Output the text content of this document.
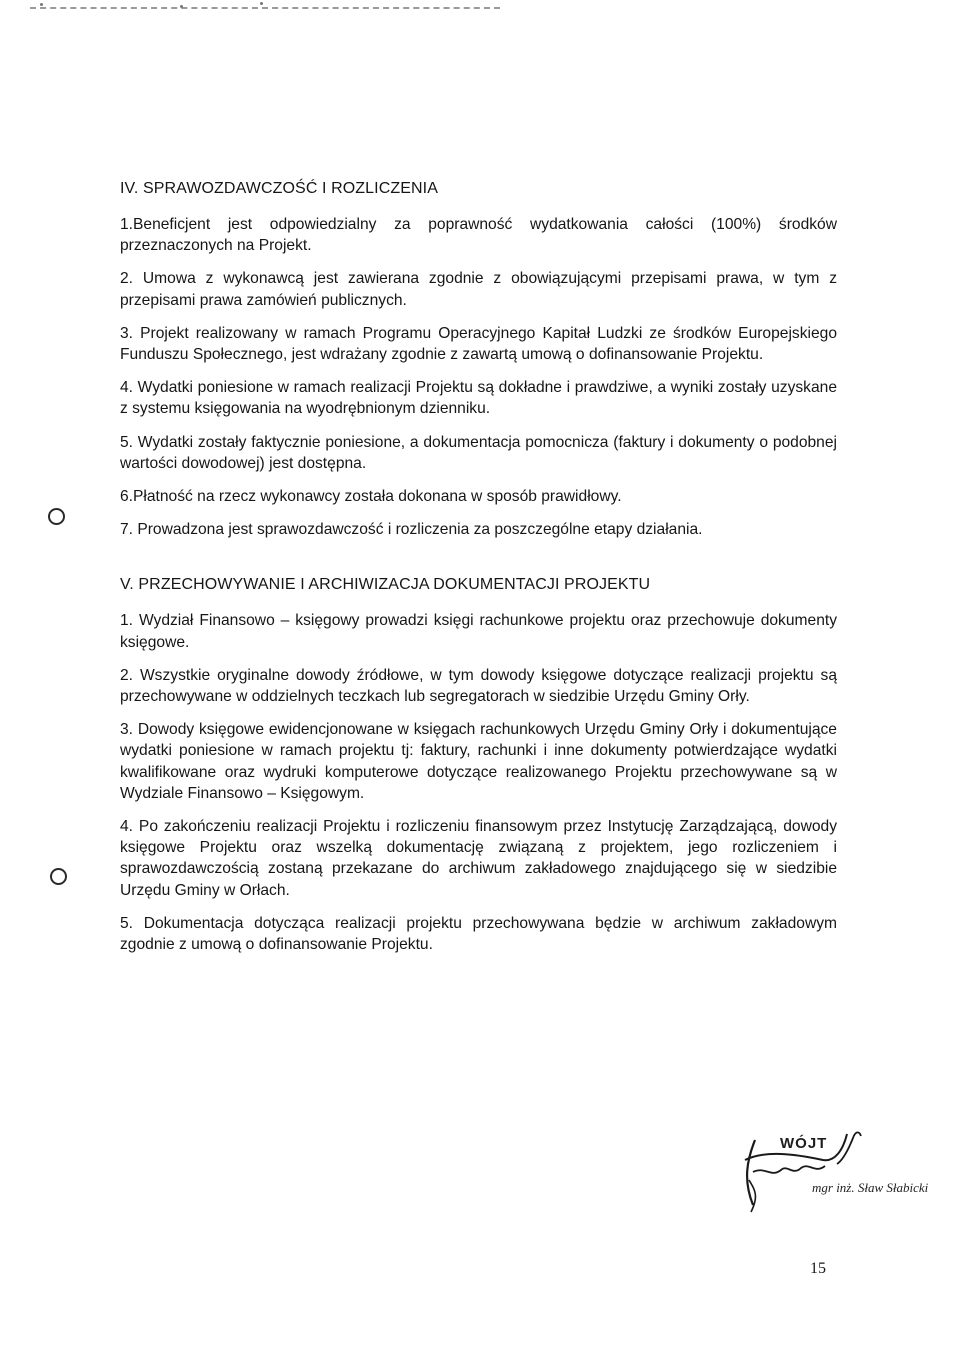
IV. SPRAWOZDAWCZOŚĆ I ROZLICZENIA

1.Beneficjent jest odpowiedzialny za poprawność wydatkowania całości (100%) środków przeznaczonych na Projekt.

2. Umowa z wykonawcą jest zawierana zgodnie z obowiązującymi przepisami prawa, w tym z przepisami prawa zamówień publicznych.

3. Projekt realizowany w ramach Programu Operacyjnego Kapitał Ludzki ze środków Europejskiego Funduszu Społecznego, jest wdrażany zgodnie z zawartą umową o dofinansowanie Projektu.

4. Wydatki poniesione w ramach realizacji Projektu są dokładne i prawdziwe, a wyniki zostały uzyskane z systemu księgowania na wyodrębnionym dzienniku.

5. Wydatki zostały faktycznie poniesione, a dokumentacja pomocnicza (faktury i dokumenty o podobnej wartości dowodowej) jest dostępna.

6.Płatność na rzecz wykonawcy została dokonana w sposób prawidłowy.

7. Prowadzona jest sprawozdawczość i rozliczenia za poszczególne etapy działania.

V. PRZECHOWYWANIE I ARCHIWIZACJA DOKUMENTACJI PROJEKTU

1. Wydział Finansowo – księgowy prowadzi księgi rachunkowe projektu oraz przechowuje dokumenty księgowe.

2. Wszystkie oryginalne dowody źródłowe, w tym dowody księgowe dotyczące realizacji projektu są przechowywane w oddzielnych teczkach lub segregatorach w siedzibie Urzędu Gminy Orły.

3. Dowody księgowe ewidencjonowane w księgach rachunkowych Urzędu Gminy Orły i dokumentujące wydatki poniesione w ramach projektu tj: faktury, rachunki i inne dokumenty potwierdzające wydatki kwalifikowane oraz wydruki komputerowe dotyczące realizowanego Projektu przechowywane są w Wydziale Finansowo – Księgowym.

4. Po zakończeniu realizacji Projektu i rozliczeniu finansowym przez Instytucję Zarządzającą, dowody księgowe Projektu oraz wszelką dokumentację związaną z projektem, jego rozliczeniem i sprawozdawczością zostaną przekazane do archiwum zakładowego znajdującego się w siedzibie Urzędu Gminy w Orłach.

5. Dokumentacja dotycząca realizacji projektu przechowywana będzie w archiwum zakładowym zgodnie z umową o dofinansowanie Projektu.

WÓJT
mgr inż. Sław Słabicki
15
